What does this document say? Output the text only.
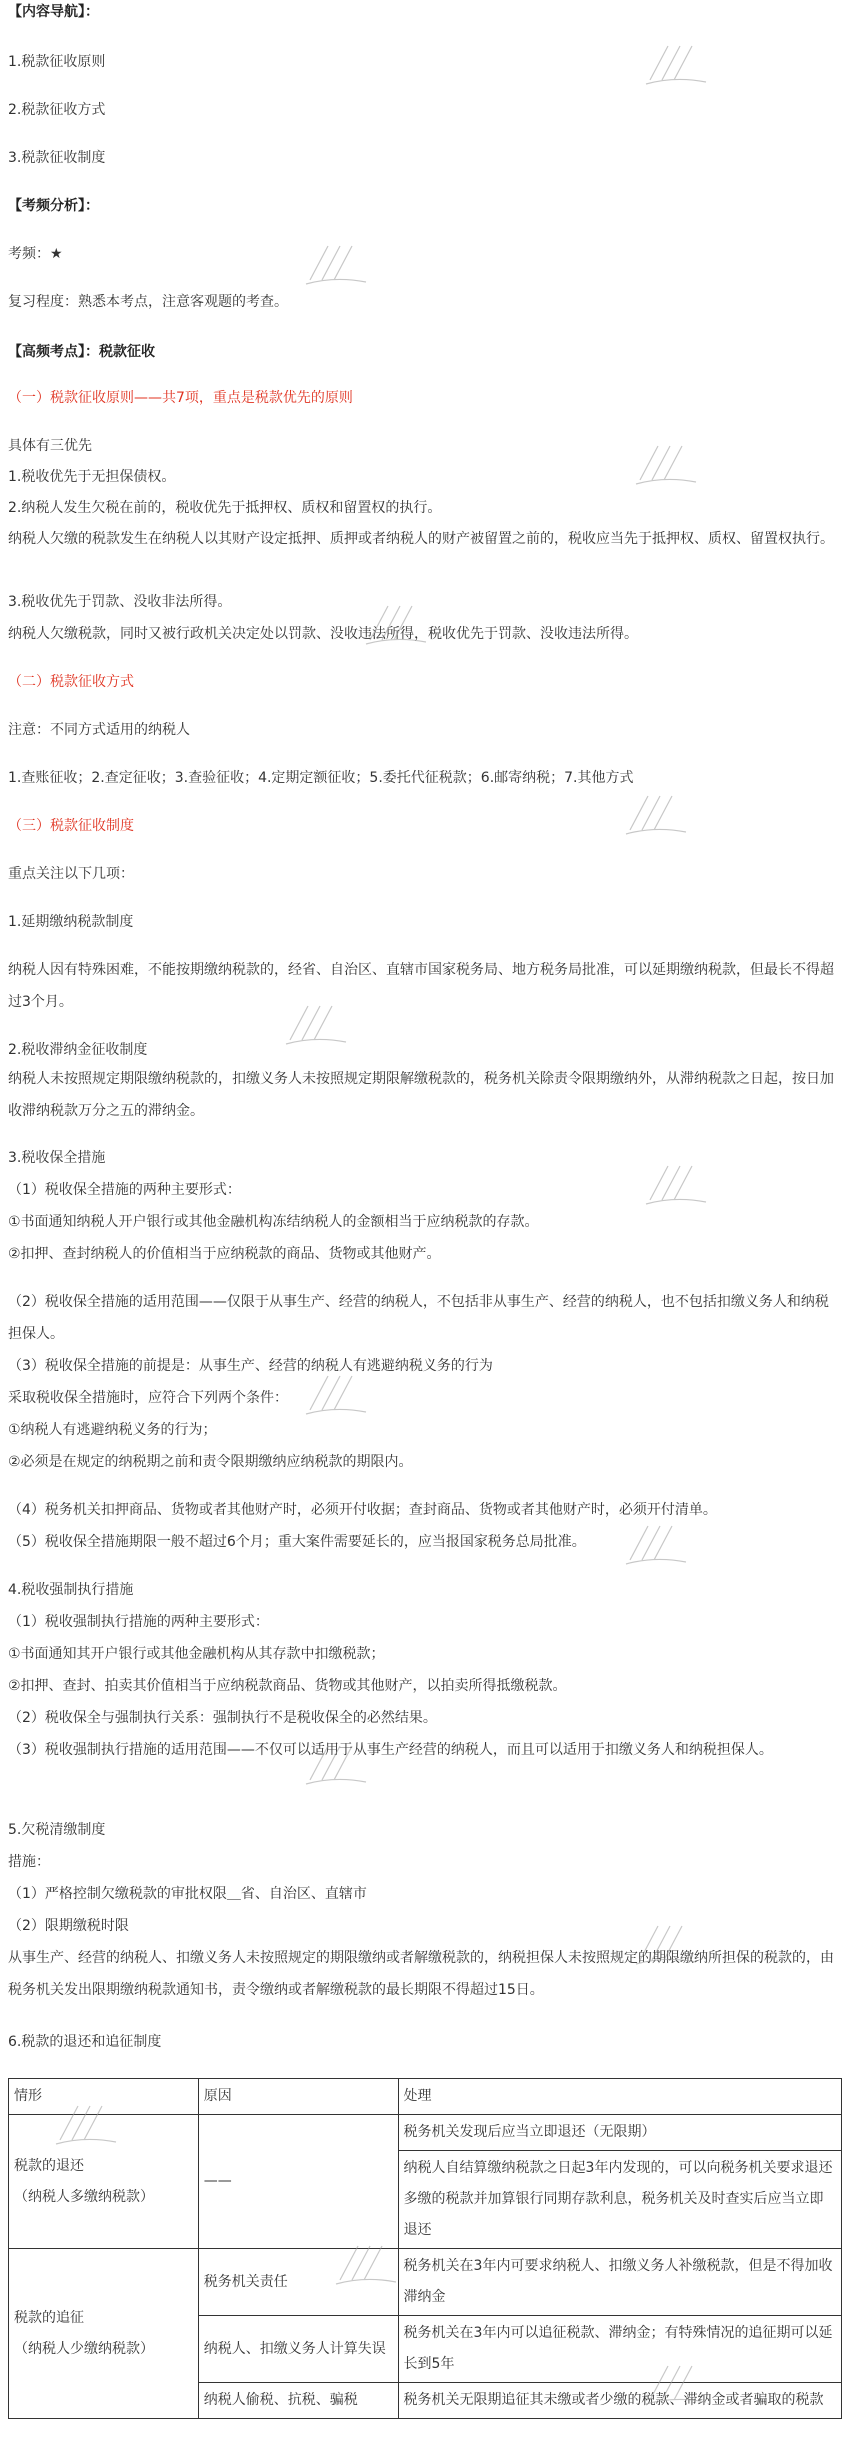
【内容导航】：
1.税款征收原则
2.税款征收方式
3.税款征收制度
【考频分析】：
考频：★
复习程度：熟悉本考点，注意客观题的考查。
【高频考点】：税款征收
（一）税款征收原则——共7项，重点是税款优先的原则
具体有三优先
1.税收优先于无担保债权。
2.纳税人发生欠税在前的，税收优先于抵押权、质权和留置权的执行。
纳税人欠缴的税款发生在纳税人以其财产设定抵押、质押或者纳税人的财产被留置之前的，税收应当先于抵押权、质权、留置权执行。
3.税收优先于罚款、没收非法所得。
纳税人欠缴税款，同时又被行政机关决定处以罚款、没收违法所得，税收优先于罚款、没收违法所得。
（二）税款征收方式
注意：不同方式适用的纳税人
1.查账征收；2.查定征收；3.查验征收；4.定期定额征收；5.委托代征税款；6.邮寄纳税；7.其他方式
（三）税款征收制度
重点关注以下几项：
1.延期缴纳税款制度
纳税人因有特殊困难，不能按期缴纳税款的，经省、自治区、直辖市国家税务局、地方税务局批准，可以延期缴纳税款，但最长不得超过3个月。
2.税收滞纳金征收制度
纳税人未按照规定期限缴纳税款的，扣缴义务人未按照规定期限解缴税款的，税务机关除责令限期缴纳外，从滞纳税款之日起，按日加收滞纳税款万分之五的滞纳金。
3.税收保全措施
（1）税收保全措施的两种主要形式：
①书面通知纳税人开户银行或其他金融机构冻结纳税人的金额相当于应纳税款的存款。
②扣押、查封纳税人的价值相当于应纳税款的商品、货物或其他财产。
（2）税收保全措施的适用范围——仅限于从事生产、经营的纳税人，不包括非从事生产、经营的纳税人，也不包括扣缴义务人和纳税担保人。
（3）税收保全措施的前提是：从事生产、经营的纳税人有逃避纳税义务的行为
采取税收保全措施时，应符合下列两个条件：
①纳税人有逃避纳税义务的行为；
②必须是在规定的纳税期之前和责令限期缴纳应纳税款的期限内。
（4）税务机关扣押商品、货物或者其他财产时，必须开付收据；查封商品、货物或者其他财产时，必须开付清单。
（5）税收保全措施期限一般不超过6个月；重大案件需要延长的，应当报国家税务总局批准。
4.税收强制执行措施
（1）税收强制执行措施的两种主要形式：
①书面通知其开户银行或其他金融机构从其存款中扣缴税款；
②扣押、查封、拍卖其价值相当于应纳税款商品、货物或其他财产，以拍卖所得抵缴税款。
（2）税收保全与强制执行关系：强制执行不是税收保全的必然结果。
（3）税收强制执行措施的适用范围——不仅可以适用于从事生产经营的纳税人，而且可以适用于扣缴义务人和纳税担保人。
5.欠税清缴制度
措施：
（1）严格控制欠缴税款的审批权限＿省、自治区、直辖市
（2）限期缴税时限
从事生产、经营的纳税人、扣缴义务人未按照规定的期限缴纳或者解缴税款的，纳税担保人未按照规定的期限缴纳所担保的税款的，由税务机关发出限期缴纳税款通知书，责令缴纳或者解缴税款的最长期限不得超过15日。
6.税款的退还和追征制度
情形	原因	处理

税款的退还
（纳税人多缴纳税款）	——	税务机关发现后应当立即退还（无限期）
		纳税人自结算缴纳税款之日起3年内发现的，可以向税务机关要求退还多缴的税款并加算银行同期存款利息，税务机关及时查实后应当立即退还

税款的追征
（纳税人少缴纳税款）	税务机关责任	税务机关在3年内可要求纳税人、扣缴义务人补缴税款，但是不得加收滞纳金
	纳税人、扣缴义务人计算失误	税务机关在3年内可以追征税款、滞纳金；有特殊情况的追征期可以延长到5年
	纳税人偷税、抗税、骗税	税务机关无限期追征其未缴或者少缴的税款、滞纳金或者骗取的税款
